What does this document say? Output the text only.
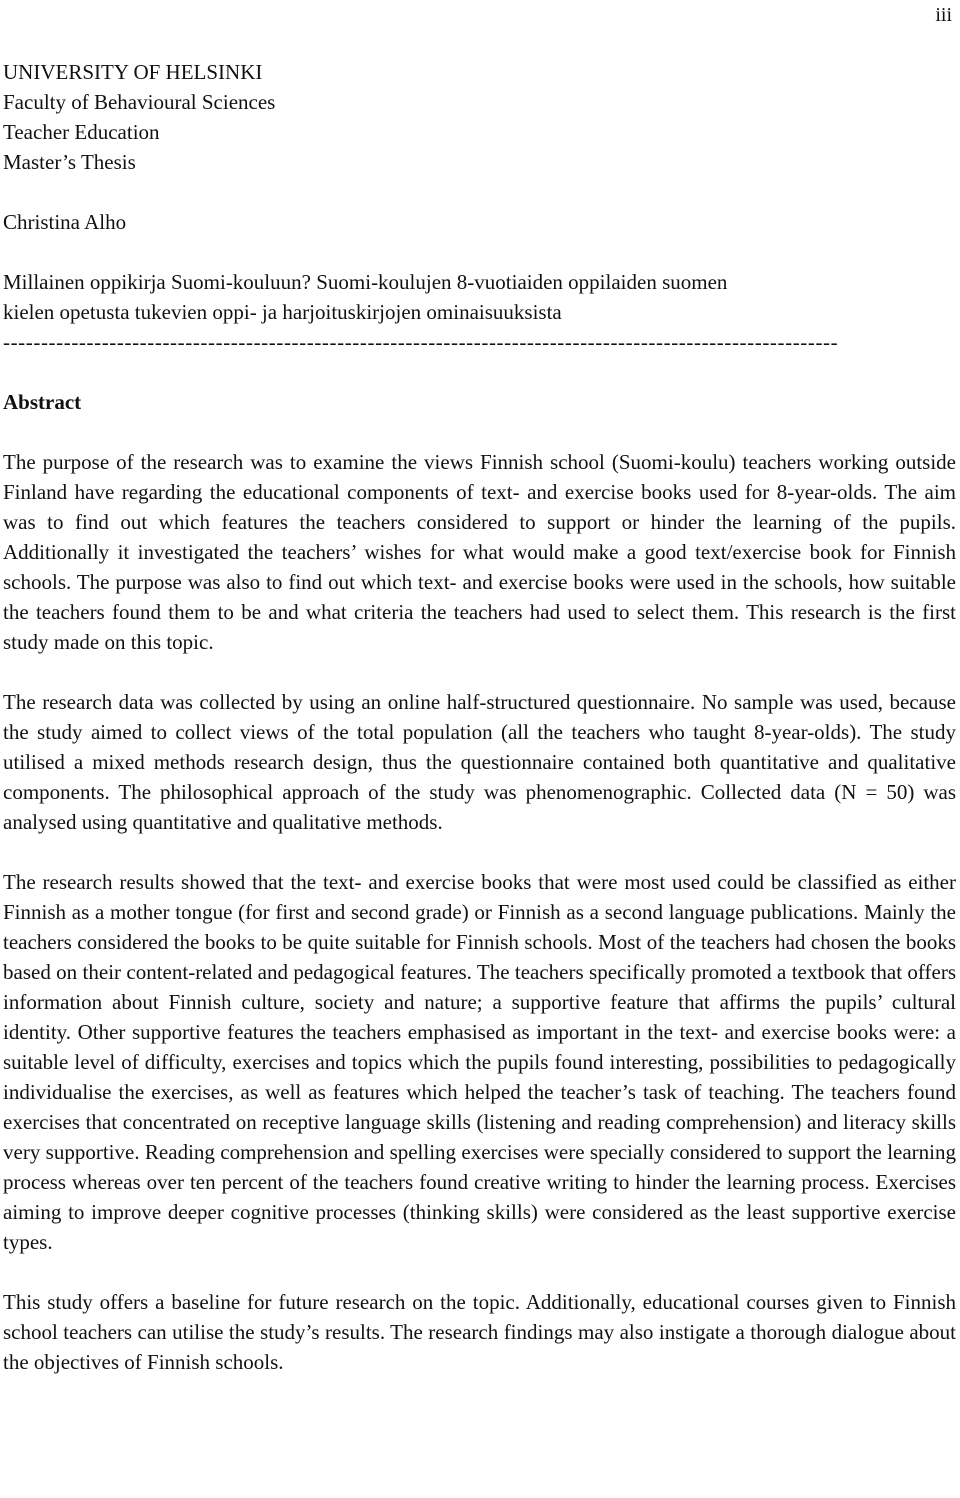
iii
UNIVERSITY OF HELSINKI
Faculty of Behavioural Sciences
Teacher Education
Master’s Thesis
Christina Alho
Millainen oppikirja Suomi-kouluun? Suomi-koulujen 8-vuotiaiden oppilaiden suomen
kielen opetusta tukevien oppi- ja harjoituskirjojen ominaisuuksista
--------------------------------------------------------------------------------------------------------------
Abstract

The purpose of the research was to examine the views Finnish school (Suomi-koulu) teachers working outside Finland have regarding the educational components of text- and exercise books used for 8-year-olds. The aim was to find out which features the teachers considered to support or hinder the learning of the pupils. Additionally it investigated the teachers’ wishes for what would make a good text/exercise book for Finnish schools. The purpose was also to find out which text- and exercise books were used in the schools, how suitable the teachers found them to be and what criteria the teachers had used to select them. This research is the first study made on this topic.

The research data was collected by using an online half-structured questionnaire. No sample was used, because the study aimed to collect views of the total population (all the teachers who taught 8-year-olds). The study utilised a mixed methods research design, thus the questionnaire contained both quantitative and qualitative components. The philosophical approach of the study was phenomenographic. Collected data (N = 50) was analysed using quantitative and qualitative methods.

The research results showed that the text- and exercise books that were most used could be classified as either Finnish as a mother tongue (for first and second grade) or Finnish as a second language publications. Mainly the teachers considered the books to be quite suitable for Finnish schools. Most of the teachers had chosen the books based on their content-related and pedagogical features. The teachers specifically promoted a textbook that offers information about Finnish culture, society and nature; a supportive feature that affirms the pupils’ cultural identity. Other supportive features the teachers emphasised as important in the text- and exercise books were: a suitable level of difficulty, exercises and topics which the pupils found interesting, possibilities to pedagogically individualise the exercises, as well as features which helped the teacher’s task of teaching. The teachers found exercises that concentrated on receptive language skills (listening and reading comprehension) and literacy skills very supportive. Reading comprehension and spelling exercises were specially considered to support the learning process whereas over ten percent of the teachers found creative writing to hinder the learning process. Exercises aiming to improve deeper cognitive processes (thinking skills) were considered as the least supportive exercise types.

This study offers a baseline for future research on the topic. Additionally, educational courses given to Finnish school teachers can utilise the study’s results. The research findings may also instigate a thorough dialogue about the objectives of Finnish schools.
